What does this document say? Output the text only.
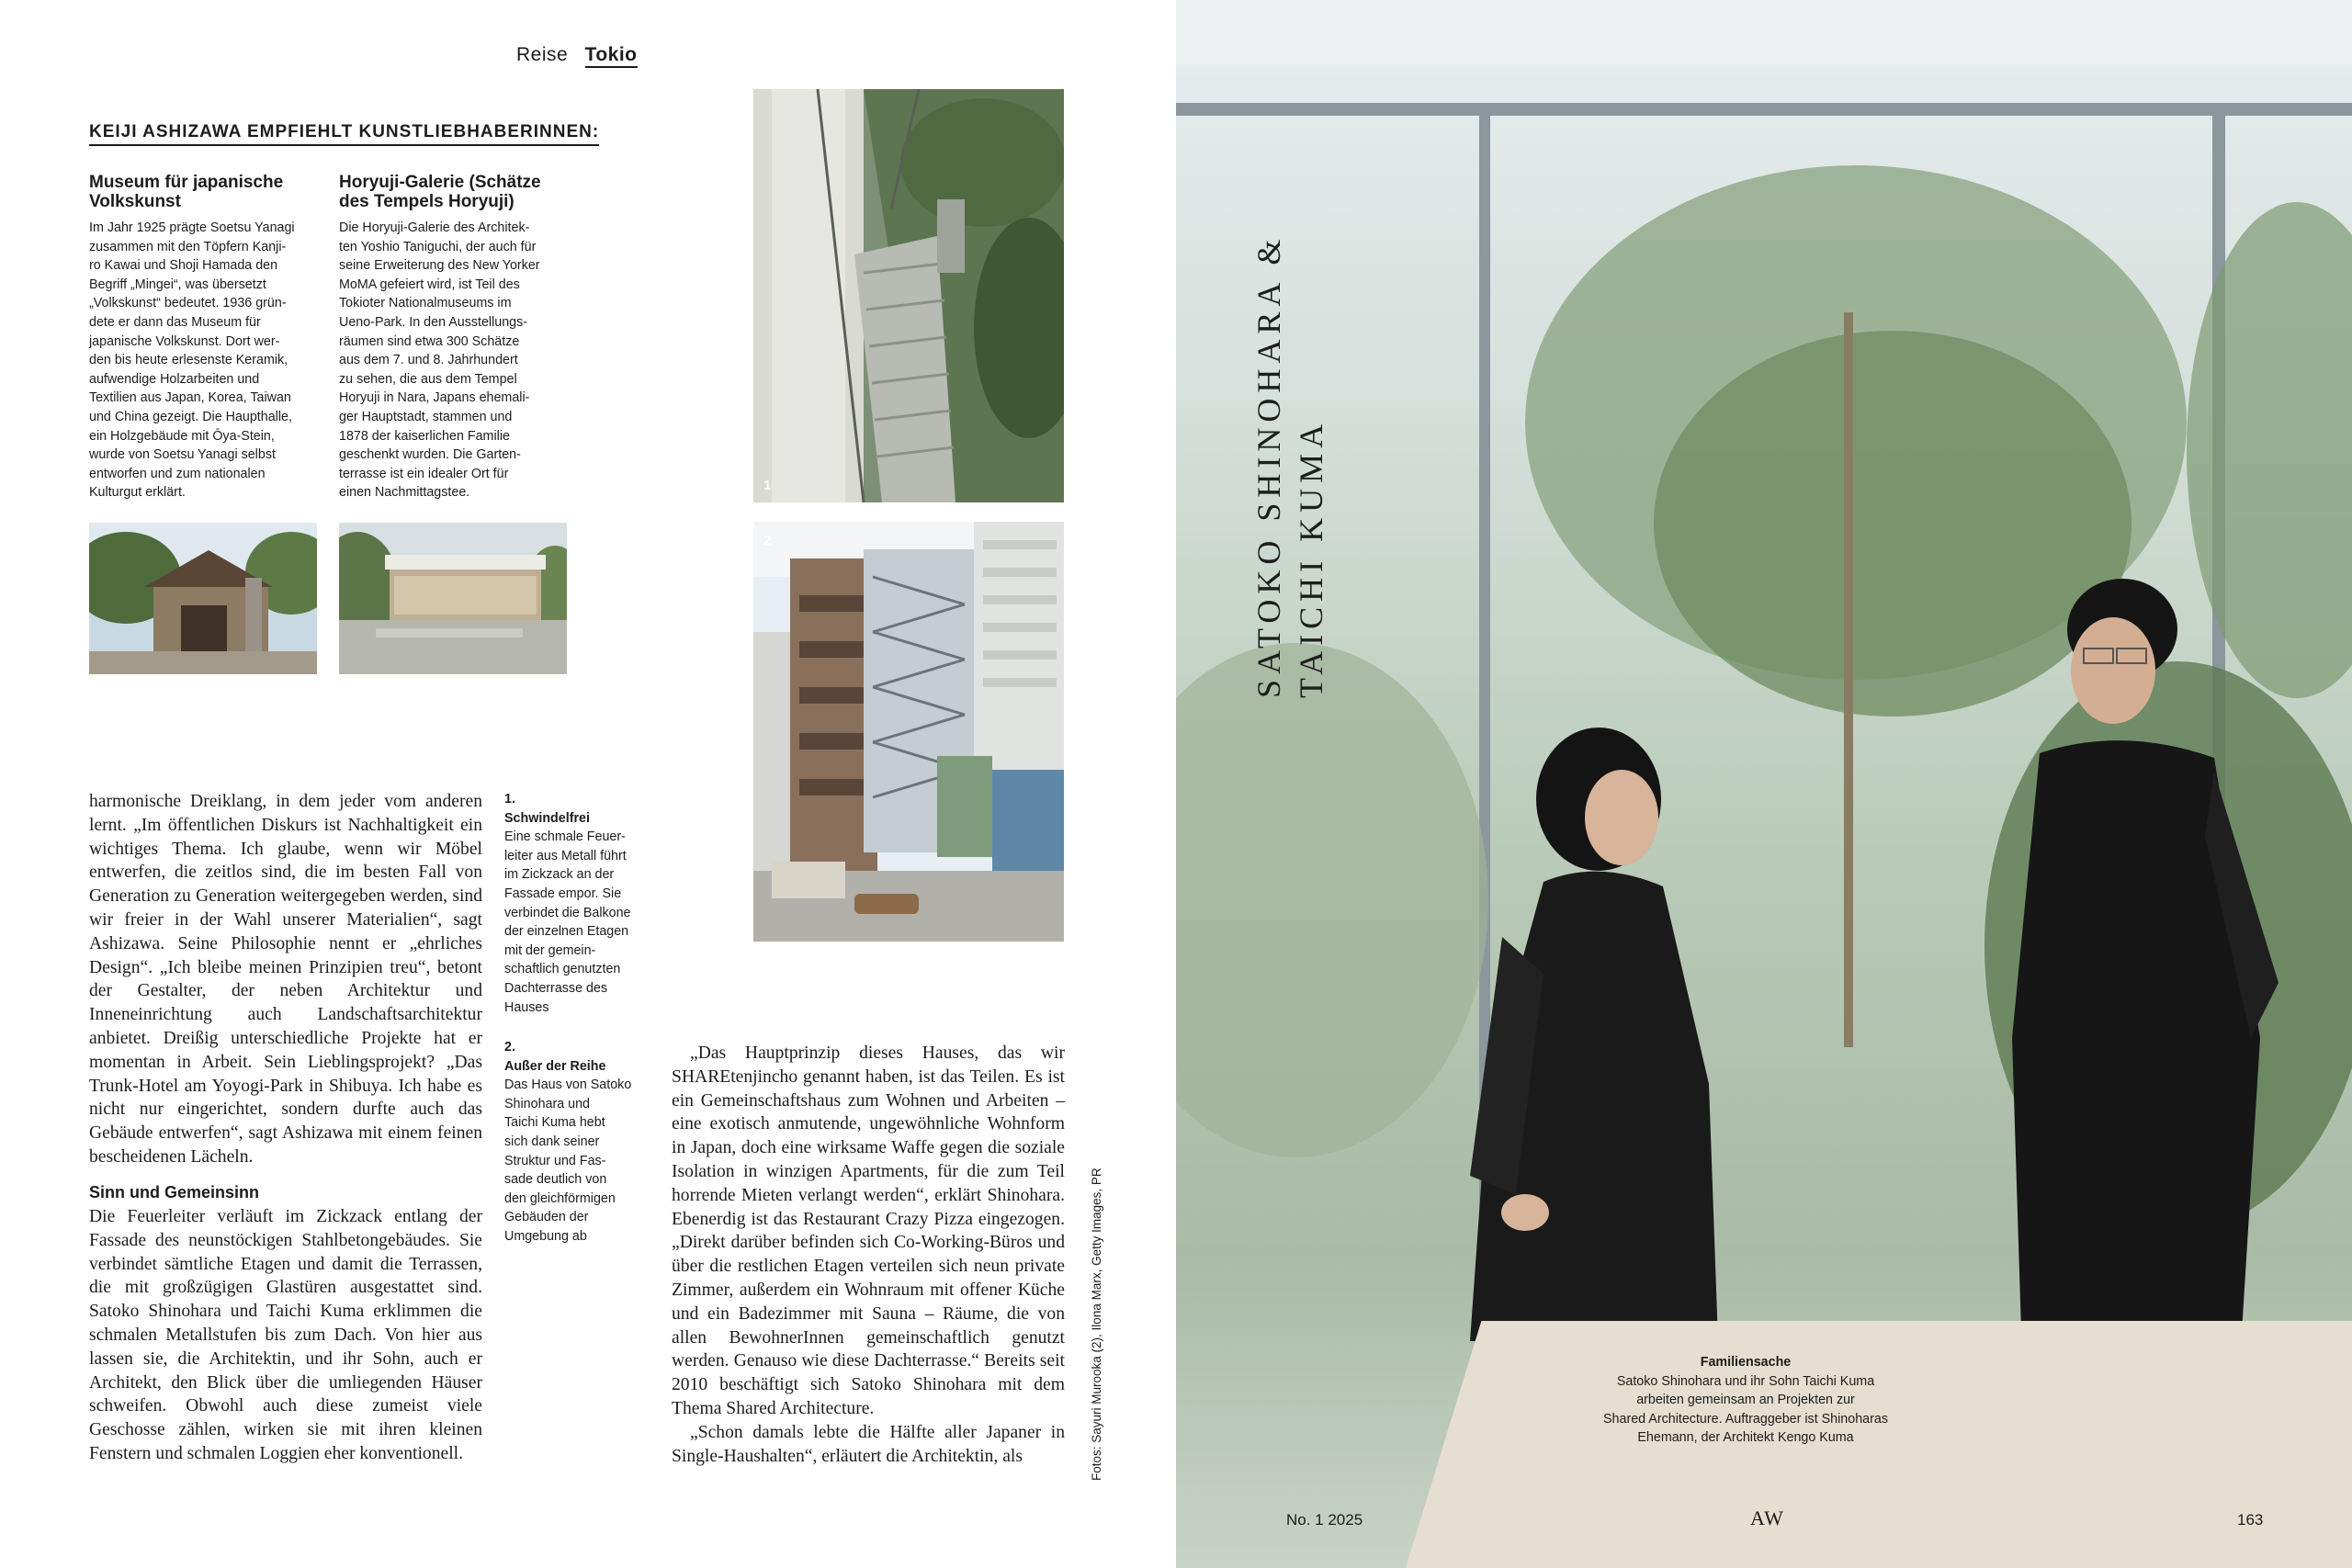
Reise Tokio
KEIJI ASHIZAWA EMPFIEHLT KUNSTLIEBHABERINNEN:
Museum für japanische
Volkskunst
Im Jahr 1925 prägte Soetsu Yanagi
zusammen mit den Töpfern Kanji-
ro Kawai und Shoji Hamada den
Begriff „Mingei“, was übersetzt
„Volkskunst“ bedeutet. 1936 grün-
dete er dann das Museum für
japanische Volkskunst. Dort wer-
den bis heute erlesenste Keramik,
aufwendige Holzarbeiten und
Textilien aus Japan, Korea, Taiwan
und China gezeigt. Die Haupthalle,
ein Holzgebäude mit Ōya-Stein,
wurde von Soetsu Yanagi selbst
entworfen und zum nationalen
Kulturgut erklärt.
Horyuji-Galerie (Schätze
des Tempels Horyuji)
Die Horyuji-Galerie des Architek-
ten Yoshio Taniguchi, der auch für
seine Erweiterung des New Yorker
MoMA gefeiert wird, ist Teil des
Tokioter Nationalmuseums im
Ueno-Park. In den Ausstellungs-
räumen sind etwa 300 Schätze
aus dem 7. und 8. Jahrhundert
zu sehen, die aus dem Tempel
Horyuji in Nara, Japans ehemali-
ger Hauptstadt, stammen und
1878 der kaiserlichen Familie
geschenkt wurden. Die Garten-
terrasse ist ein idealer Ort für
einen Nachmittagstee.	1
2

harmonische Dreiklang, in dem jeder vom anderen lernt. „Im öffentlichen Diskurs ist Nachhaltigkeit ein wichtiges Thema. Ich glaube, wenn wir Möbel entwerfen, die zeitlos sind, die im besten Fall von Generation zu Generation weitergegeben werden, sind wir freier in der Wahl unserer Materialien“, sagt Ashizawa. Seine Philosophie nennt er „ehrliches Design“. „Ich bleibe meinen Prinzipien treu“, betont der Gestalter, der neben Architektur und Inneneinrichtung auch Landschaftsarchitektur anbietet. Dreißig unterschiedliche Projekte hat er momentan in Arbeit. Sein Lieblingsprojekt? „Das Trunk-Hotel am Yoyogi-Park in Shibuya. Ich habe es nicht nur eingerichtet, sondern durfte auch das Gebäude entwerfen“, sagt Ashizawa mit einem feinen bescheidenen Lächeln.

Sinn und Gemeinsinn

Die Feuerleiter verläuft im Zickzack entlang der Fassade des neunstöckigen Stahlbetongebäudes. Sie verbindet sämtliche Etagen und damit die Terrassen, die mit großzügigen Glastüren ausgestattet sind. Satoko Shinohara und Taichi Kuma erklimmen die schmalen Metallstufen bis zum Dach. Von hier aus lassen sie, die Architektin, und ihr Sohn, auch er Architekt, den Blick über die umliegenden Häuser schweifen. Obwohl auch diese zumeist viele Geschosse zählen, wirken sie mit ihren kleinen Fenstern und schmalen Loggien eher konventionell.

1.
Schwindelfrei
Eine schmale Feuer-
leiter aus Metall führt
im Zickzack an der
Fassade empor. Sie
verbindet die Balkone
der einzelnen Etagen
mit der gemein-
schaftlich genutzten
Dachterrasse des
Hauses
2.
Außer der Reihe
Das Haus von Satoko
Shinohara und
Taichi Kuma hebt
sich dank seiner
Struktur und Fas-
sade deutlich von
den gleichförmigen
Gebäuden der
Umgebung ab

„Das Hauptprinzip dieses Hauses, das wir SHAREtenjincho genannt haben, ist das Teilen. Es ist ein Gemeinschaftshaus zum Wohnen und Arbeiten – eine exotisch anmutende, ungewöhnliche Wohnform in Japan, doch eine wirksame Waffe gegen die soziale Isolation in winzigen Apartments, für die zum Teil horrende Mieten verlangt werden“, erklärt Shinohara. Ebenerdig ist das Restaurant Crazy Pizza eingezogen. „Direkt darüber befinden sich Co-Working-Büros und über die restlichen Etagen verteilen sich neun private Zimmer, außerdem ein Wohnraum mit offener Küche und ein Badezimmer mit Sauna – Räume, die von allen BewohnerInnen gemeinschaftlich genutzt werden. Genauso wie diese Dachterrasse.“ Bereits seit 2010 beschäftigt sich Satoko Shinohara mit dem Thema Shared Architecture.

„Schon damals lebte die Hälfte aller Japaner in Single-Haushalten“, erläutert die Architektin, als	Fotos: Sayuri Murooka (2), Ilona Marx, Getty Images, PR
SATOKO SHINOHARA & TAICHI KUMA
Familiensache
Satoko Shinohara und ihr Sohn Taichi Kuma
arbeiten gemeinsam an Projekten zur
Shared Architecture. Auftraggeber ist Shinoharas
Ehemann, der Architekt Kengo Kuma
No. 1 2025	AW	163
